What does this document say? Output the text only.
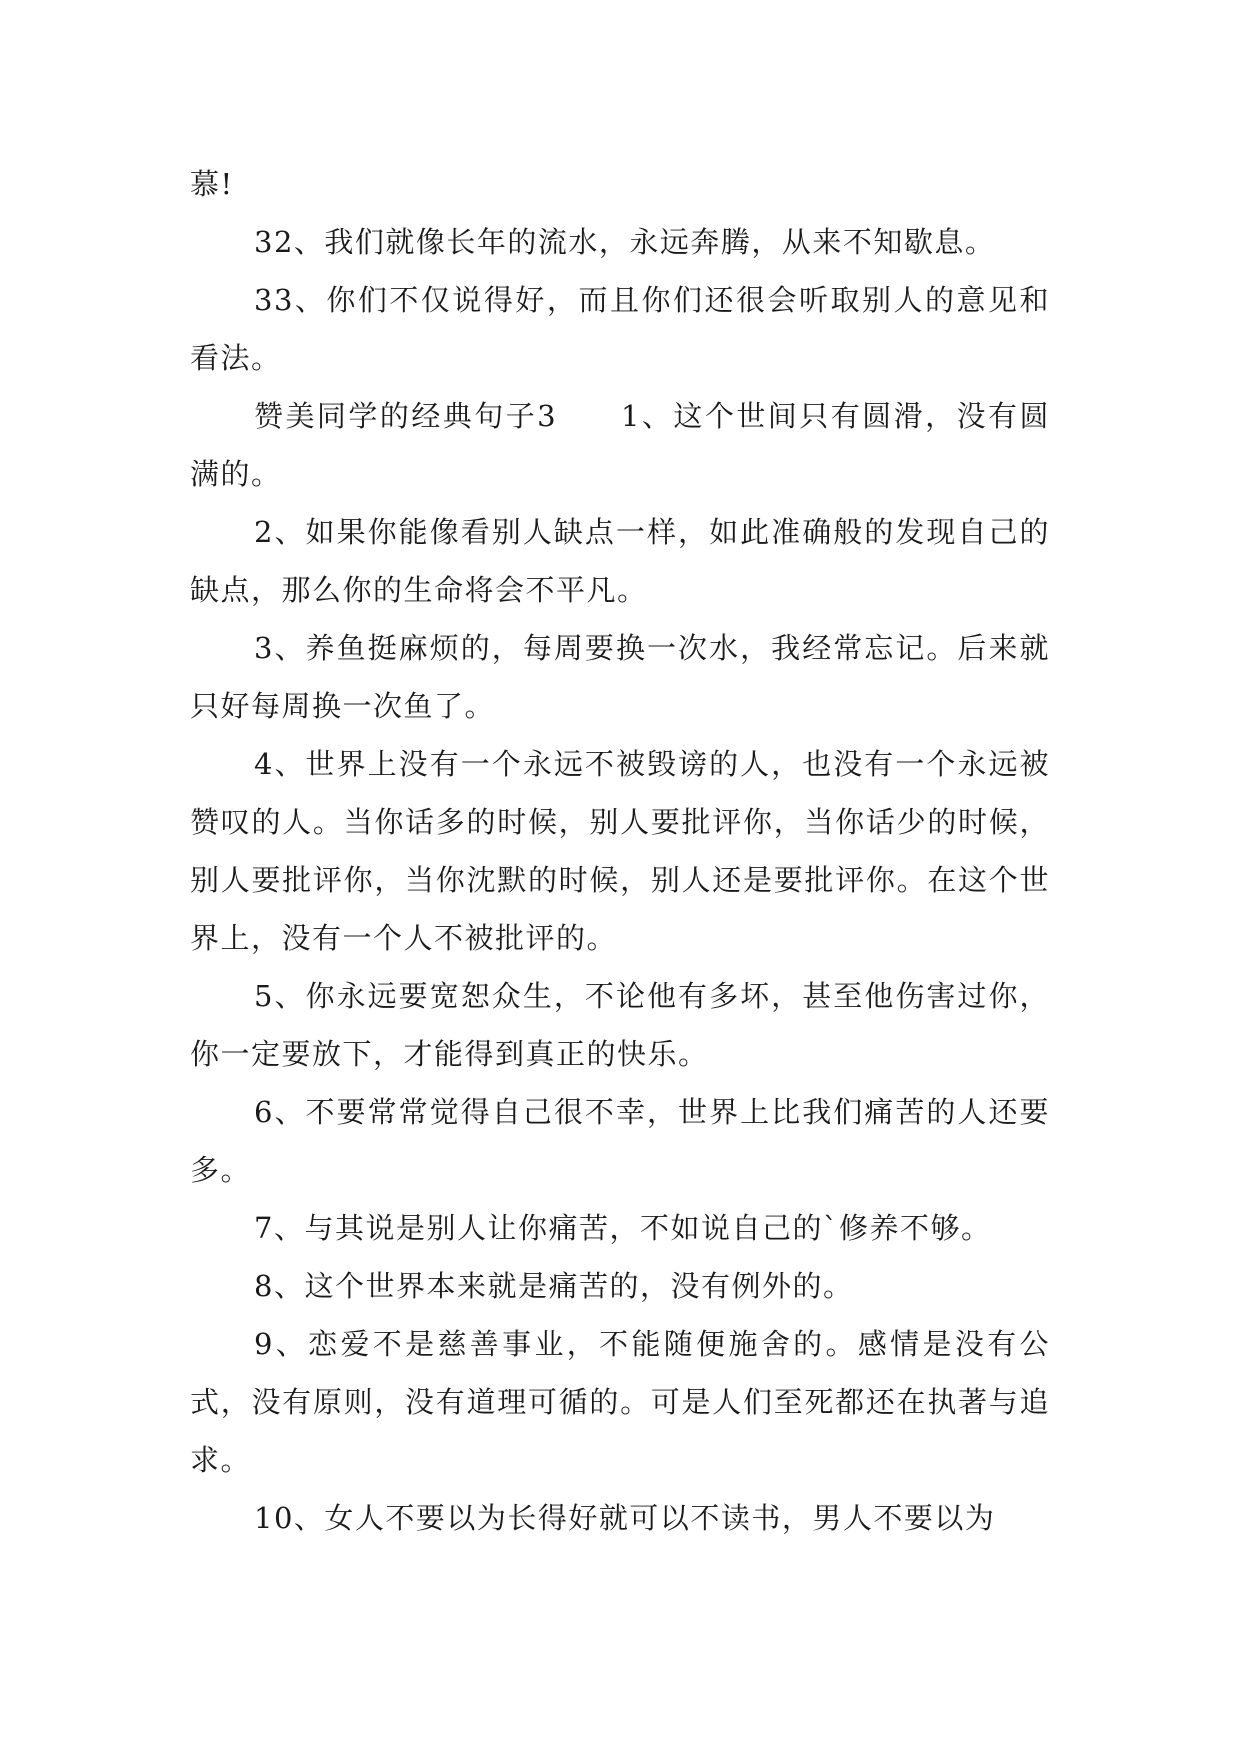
慕!

32、我们就像长年的流水，永远奔腾，从来不知歇息。

33、你们不仅说得好，而且你们还很会听取别人的意见和看法。

赞美同学的经典句子3　　1、这个世间只有圆滑，没有圆满的。

2、如果你能像看别人缺点一样，如此准确般的发现自己的缺点，那么你的生命将会不平凡。

3、养鱼挺麻烦的，每周要换一次水，我经常忘记。后来就只好每周换一次鱼了。

4、世界上没有一个永远不被毁谤的人，也没有一个永远被赞叹的人。当你话多的时候，别人要批评你，当你话少的时候，别人要批评你，当你沈默的时候，别人还是要批评你。在这个世界上，没有一个人不被批评的。

5、你永远要宽恕众生，不论他有多坏，甚至他伤害过你，你一定要放下，才能得到真正的快乐。

6、不要常常觉得自己很不幸，世界上比我们痛苦的人还要多。

7、与其说是别人让你痛苦，不如说自己的`修养不够。

8、这个世界本来就是痛苦的，没有例外的。

9、恋爱不是慈善事业，不能随便施舍的。感情是没有公式，没有原则，没有道理可循的。可是人们至死都还在执著与追求。

10、女人不要以为长得好就可以不读书，男人不要以为
